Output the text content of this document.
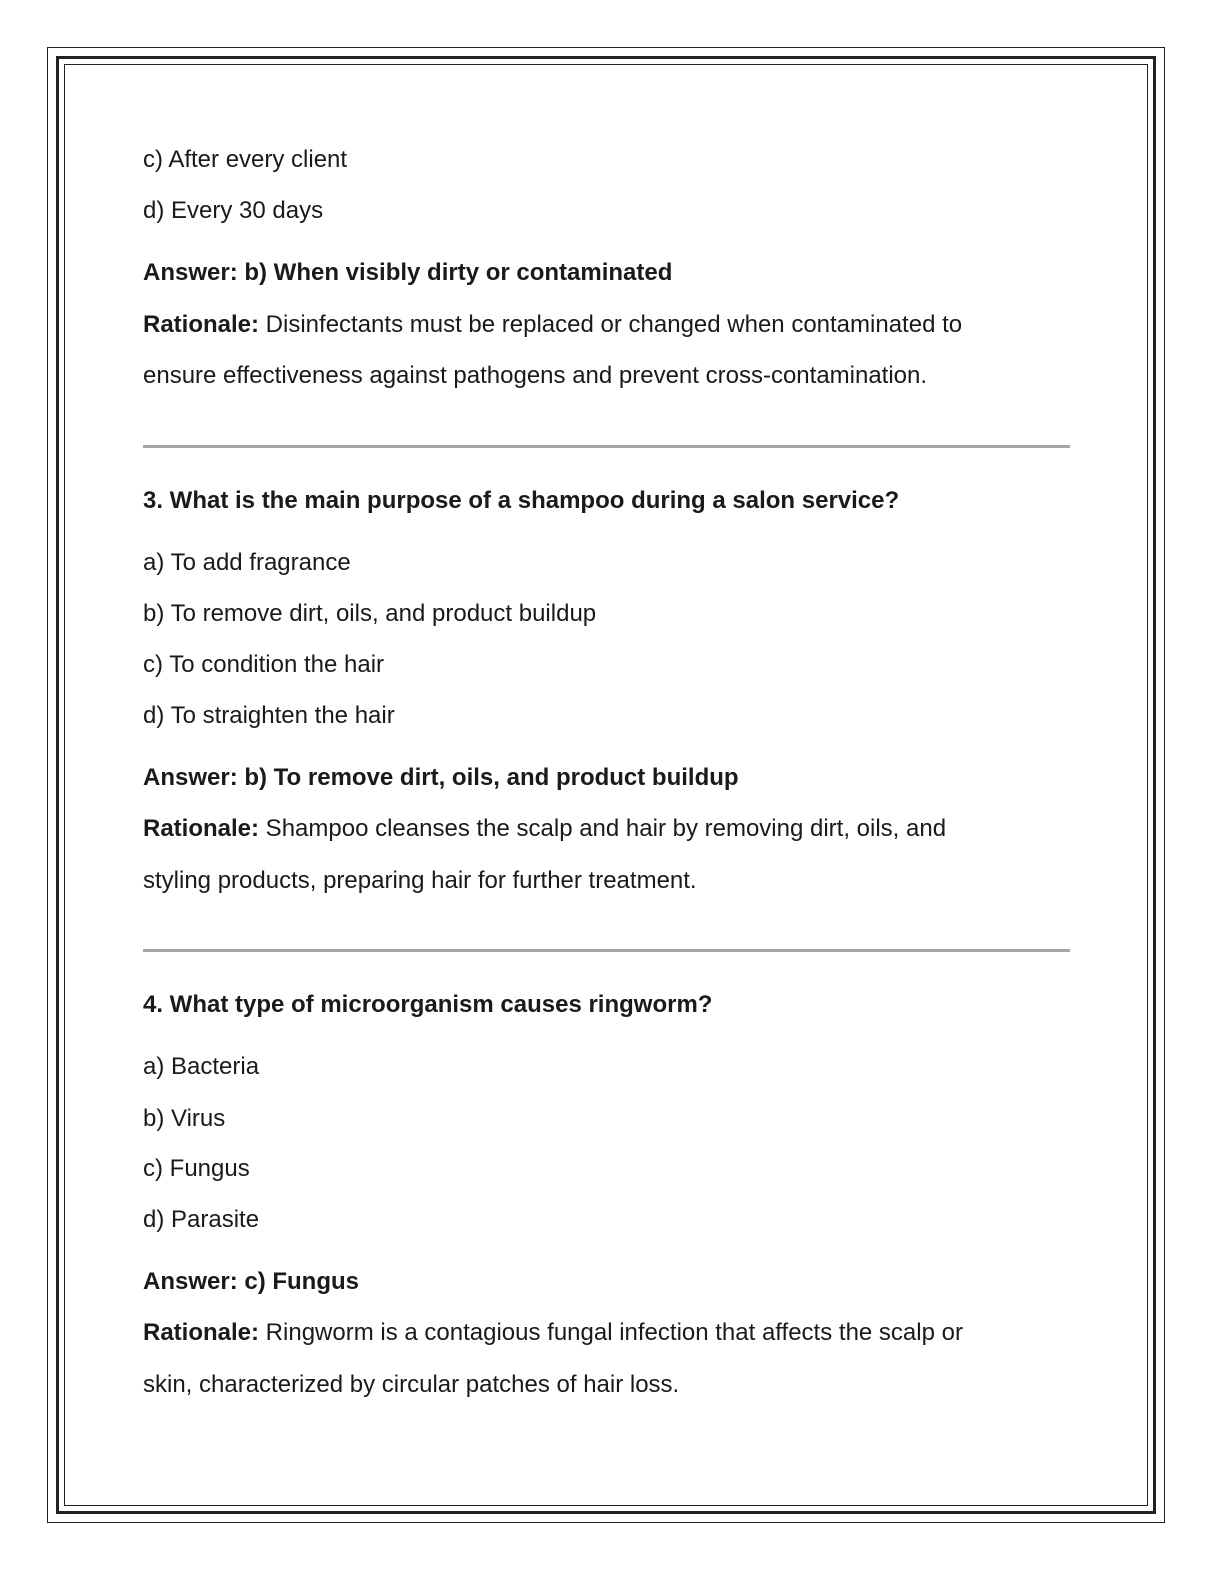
c) After every client
d) Every 30 days
Answer: b) When visibly dirty or contaminated
Rationale: Disinfectants must be replaced or changed when contaminated to
ensure effectiveness against pathogens and prevent cross-contamination.
3. What is the main purpose of a shampoo during a salon service?
a) To add fragrance
b) To remove dirt, oils, and product buildup
c) To condition the hair
d) To straighten the hair
Answer: b) To remove dirt, oils, and product buildup
Rationale: Shampoo cleanses the scalp and hair by removing dirt, oils, and
styling products, preparing hair for further treatment.
4. What type of microorganism causes ringworm?
a) Bacteria
b) Virus
c) Fungus
d) Parasite
Answer: c) Fungus
Rationale: Ringworm is a contagious fungal infection that affects the scalp or
skin, characterized by circular patches of hair loss.
